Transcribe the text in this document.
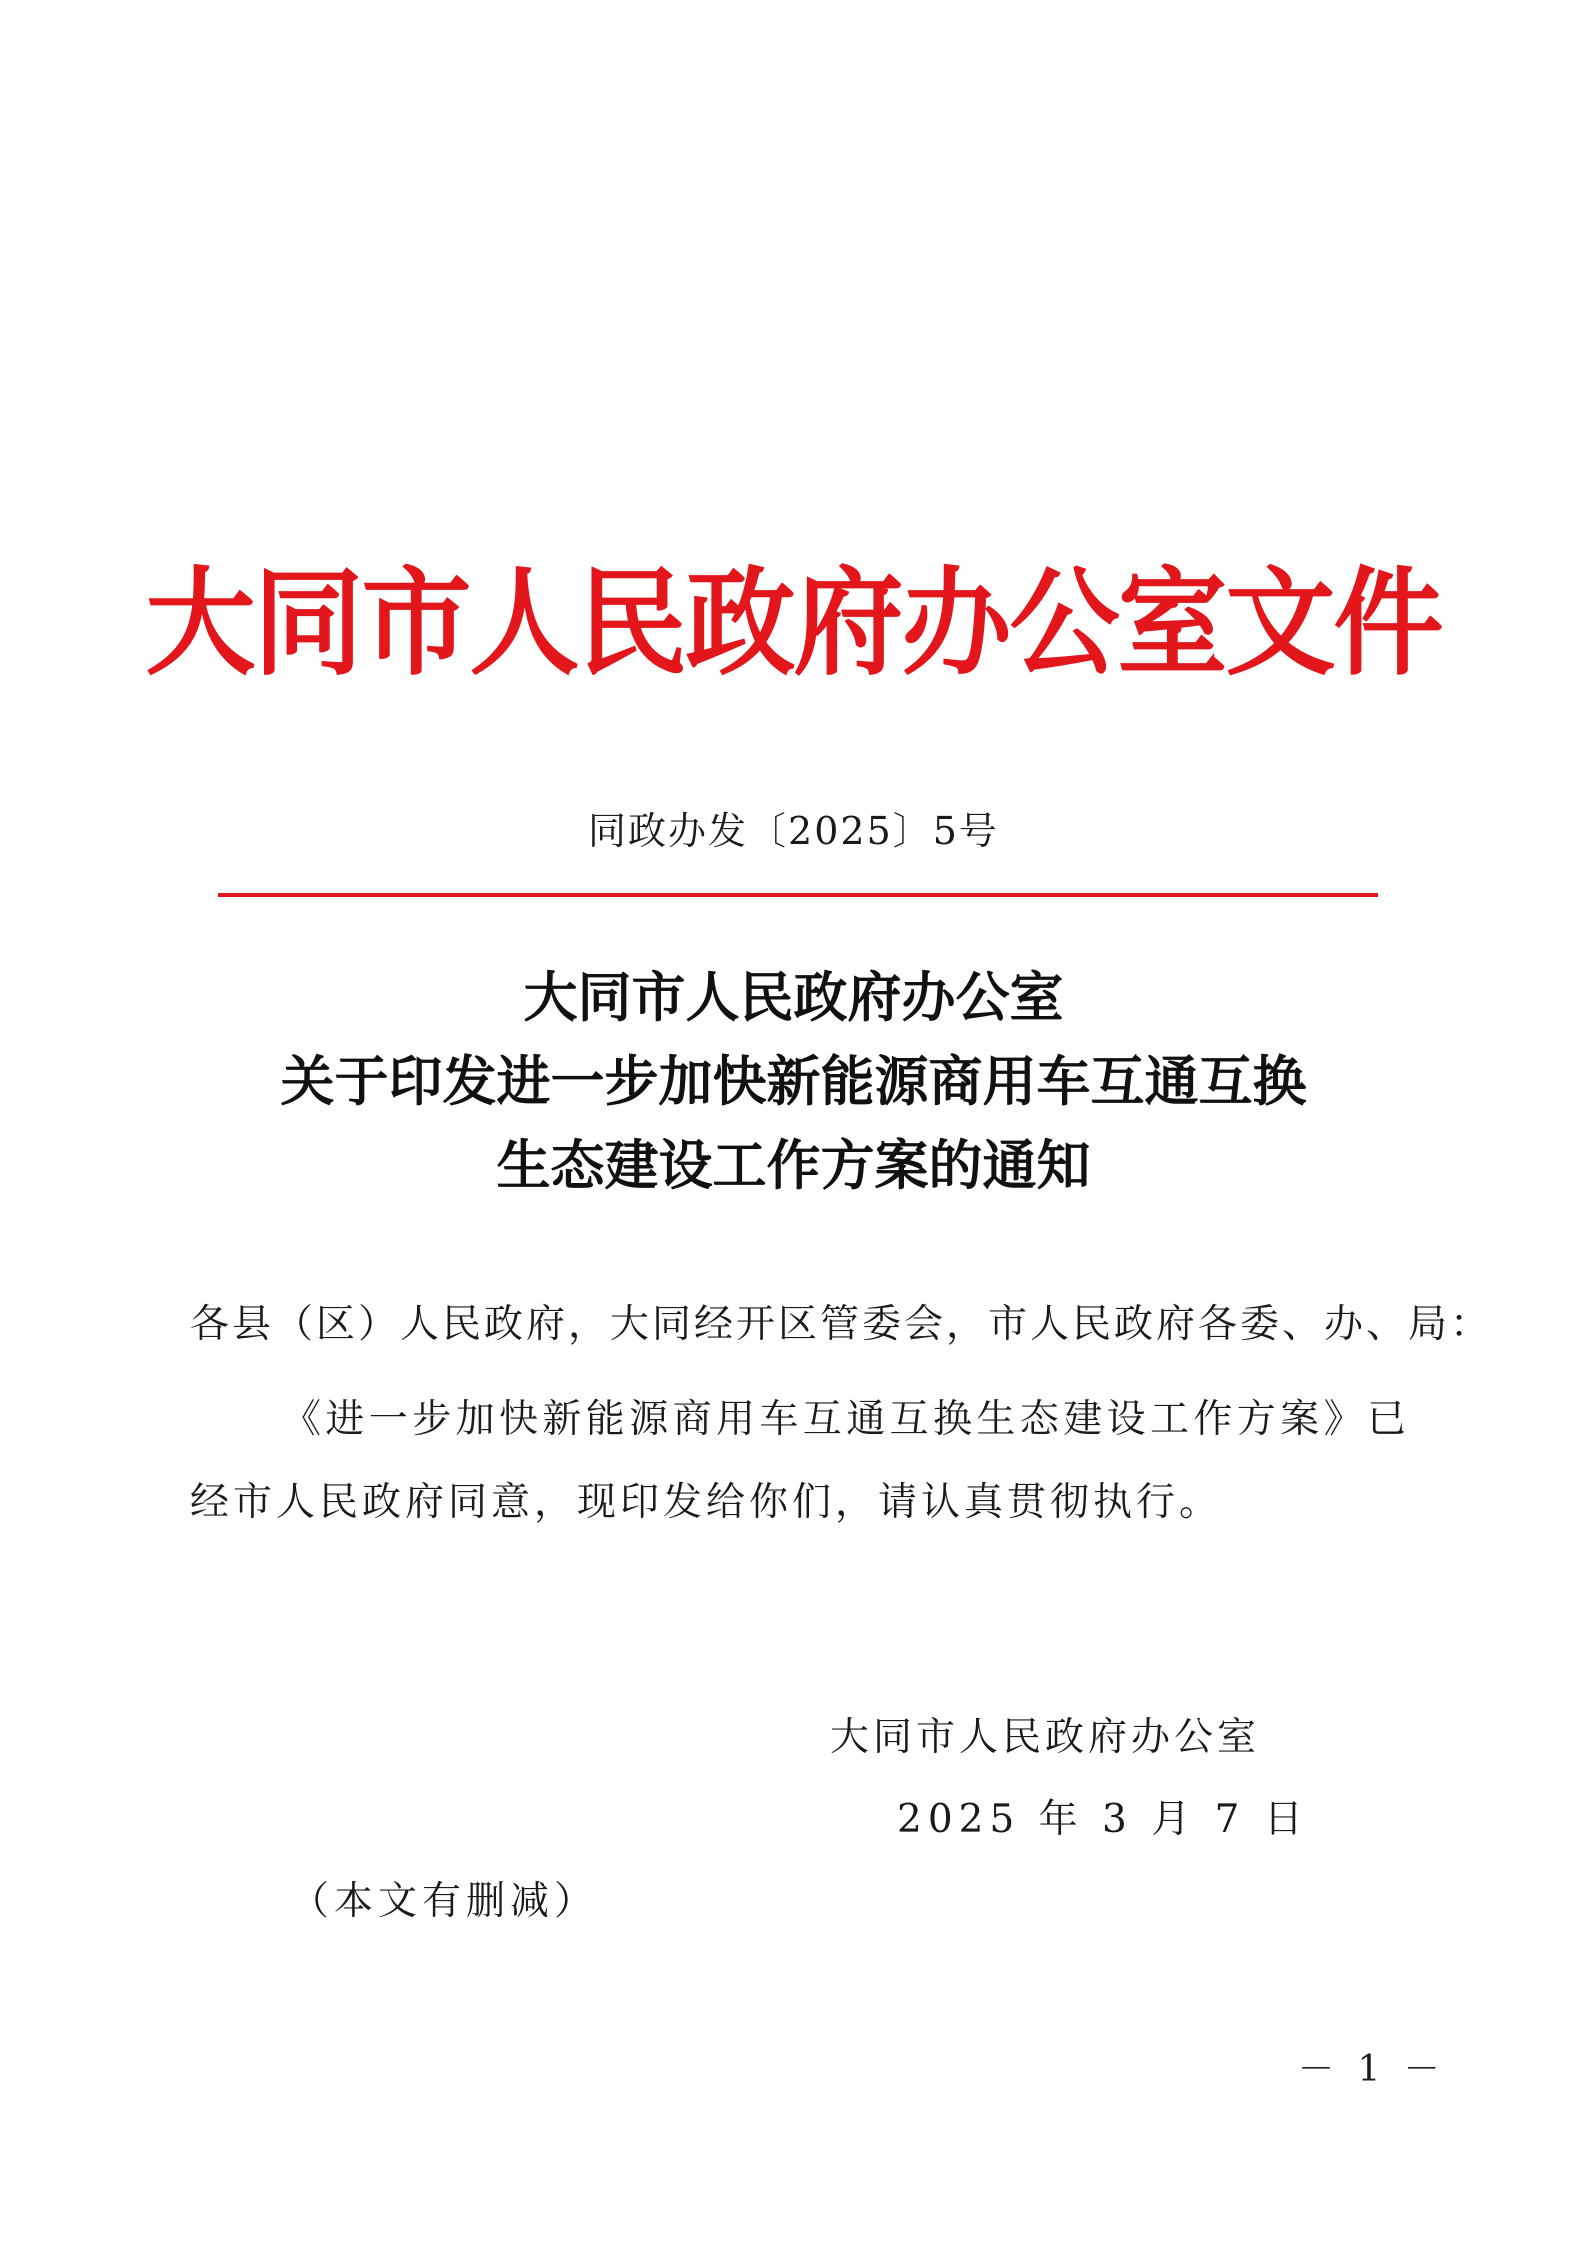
大同市人民政府办公室文件
同政办发〔2025〕5号
大同市人民政府办公室
关于印发进一步加快新能源商用车互通互换
生态建设工作方案的通知
各县（区）人民政府，大同经开区管委会，市人民政府各委、办、局：
《进一步加快新能源商用车互通互换生态建设工作方案》已经市人民政府同意，现印发给你们，请认真贯彻执行。
大同市人民政府办公室
2025 年 3 月 7 日
（本文有删减）
－ 1 －
